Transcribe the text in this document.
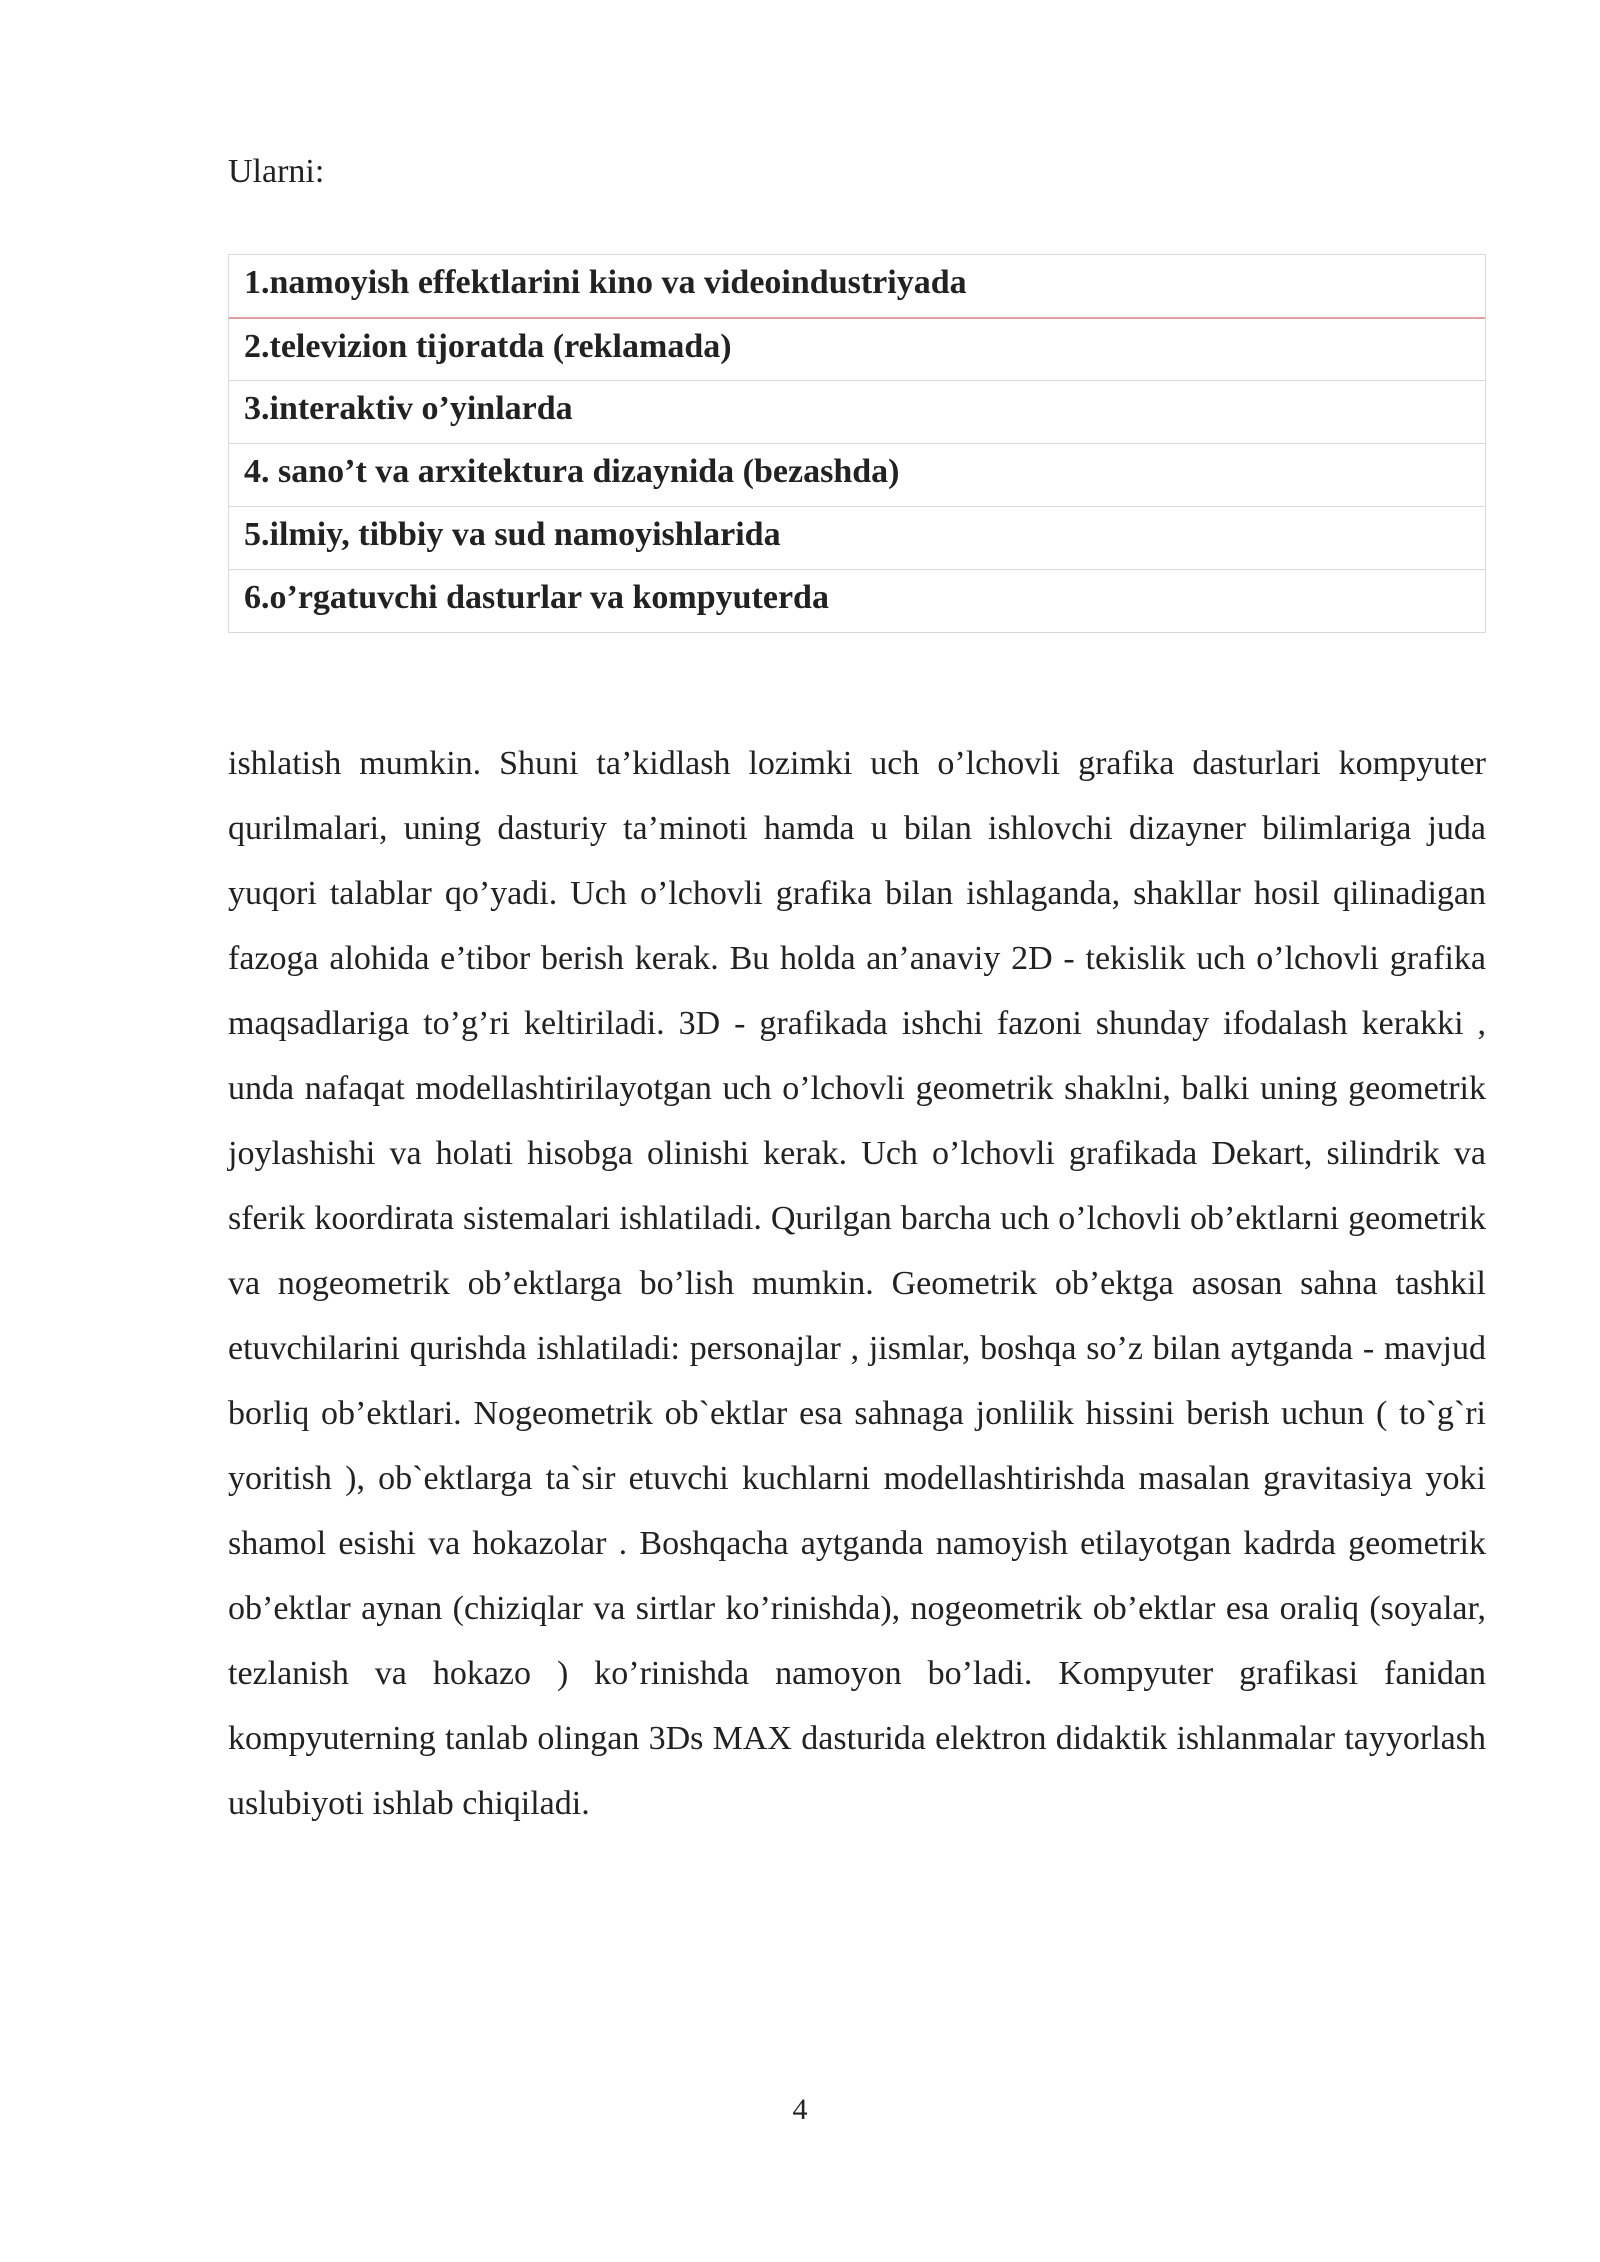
Ularni:

1.namoyish effektlarini kino va videoindustriyada
2.televizion tijoratda (reklamada)
3.interaktiv o’yinlarda
4. sano’t va arxitektura dizaynida (bezashda)
5.ilmiy, tibbiy va sud namoyishlarida
6.o’rgatuvchi dasturlar va kompyuterda

ishlatish mumkin. Shuni ta’kidlash lozimki uch o’lchovli grafika dasturlari kompyuter qurilmalari, uning dasturiy ta’minoti hamda u bilan ishlovchi dizayner bilimlariga juda yuqori talablar qo’yadi. Uch o’lchovli grafika bilan ishlaganda, shakllar hosil qilinadigan fazoga alohida e’tibor berish kerak. Bu holda an’anaviy 2D - tekislik uch o’lchovli grafika maqsadlariga to’g’ri keltiriladi. 3D - grafikada ishchi fazoni shunday ifodalash kerakki , unda nafaqat modellashtirilayotgan uch o’lchovli geometrik shaklni, balki uning geometrik joylashishi va holati hisobga olinishi kerak. Uch o’lchovli grafikada Dekart, silindrik va sferik koordirata sistemalari ishlatiladi. Qurilgan barcha uch o’lchovli ob’ektlarni geometrik va nogeometrik ob’ektlarga bo’lish mumkin. Geometrik ob’ektga asosan sahna tashkil etuvchilarini qurishda ishlatiladi: personajlar , jismlar, boshqa so’z bilan aytganda - mavjud borliq ob’ektlari. Nogeometrik ob`ektlar esa sahnaga jonlilik hissini berish uchun ( to`g`ri yoritish ), ob`ektlarga ta`sir etuvchi kuchlarni modellashtirishda masalan gravitasiya yoki shamol esishi va hokazolar . Boshqacha aytganda namoyish etilayotgan kadrda geometrik ob’ektlar aynan (chiziqlar va sirtlar ko’rinishda), nogeometrik ob’ektlar esa oraliq (soyalar, tezlanish va hokazo ) ko’rinishda namoyon bo’ladi. Kompyuter grafikasi fanidan kompyuterning tanlab olingan 3Ds MAX dasturida elektron didaktik ishlanmalar tayyorlash uslubiyoti ishlab chiqiladi.

4
